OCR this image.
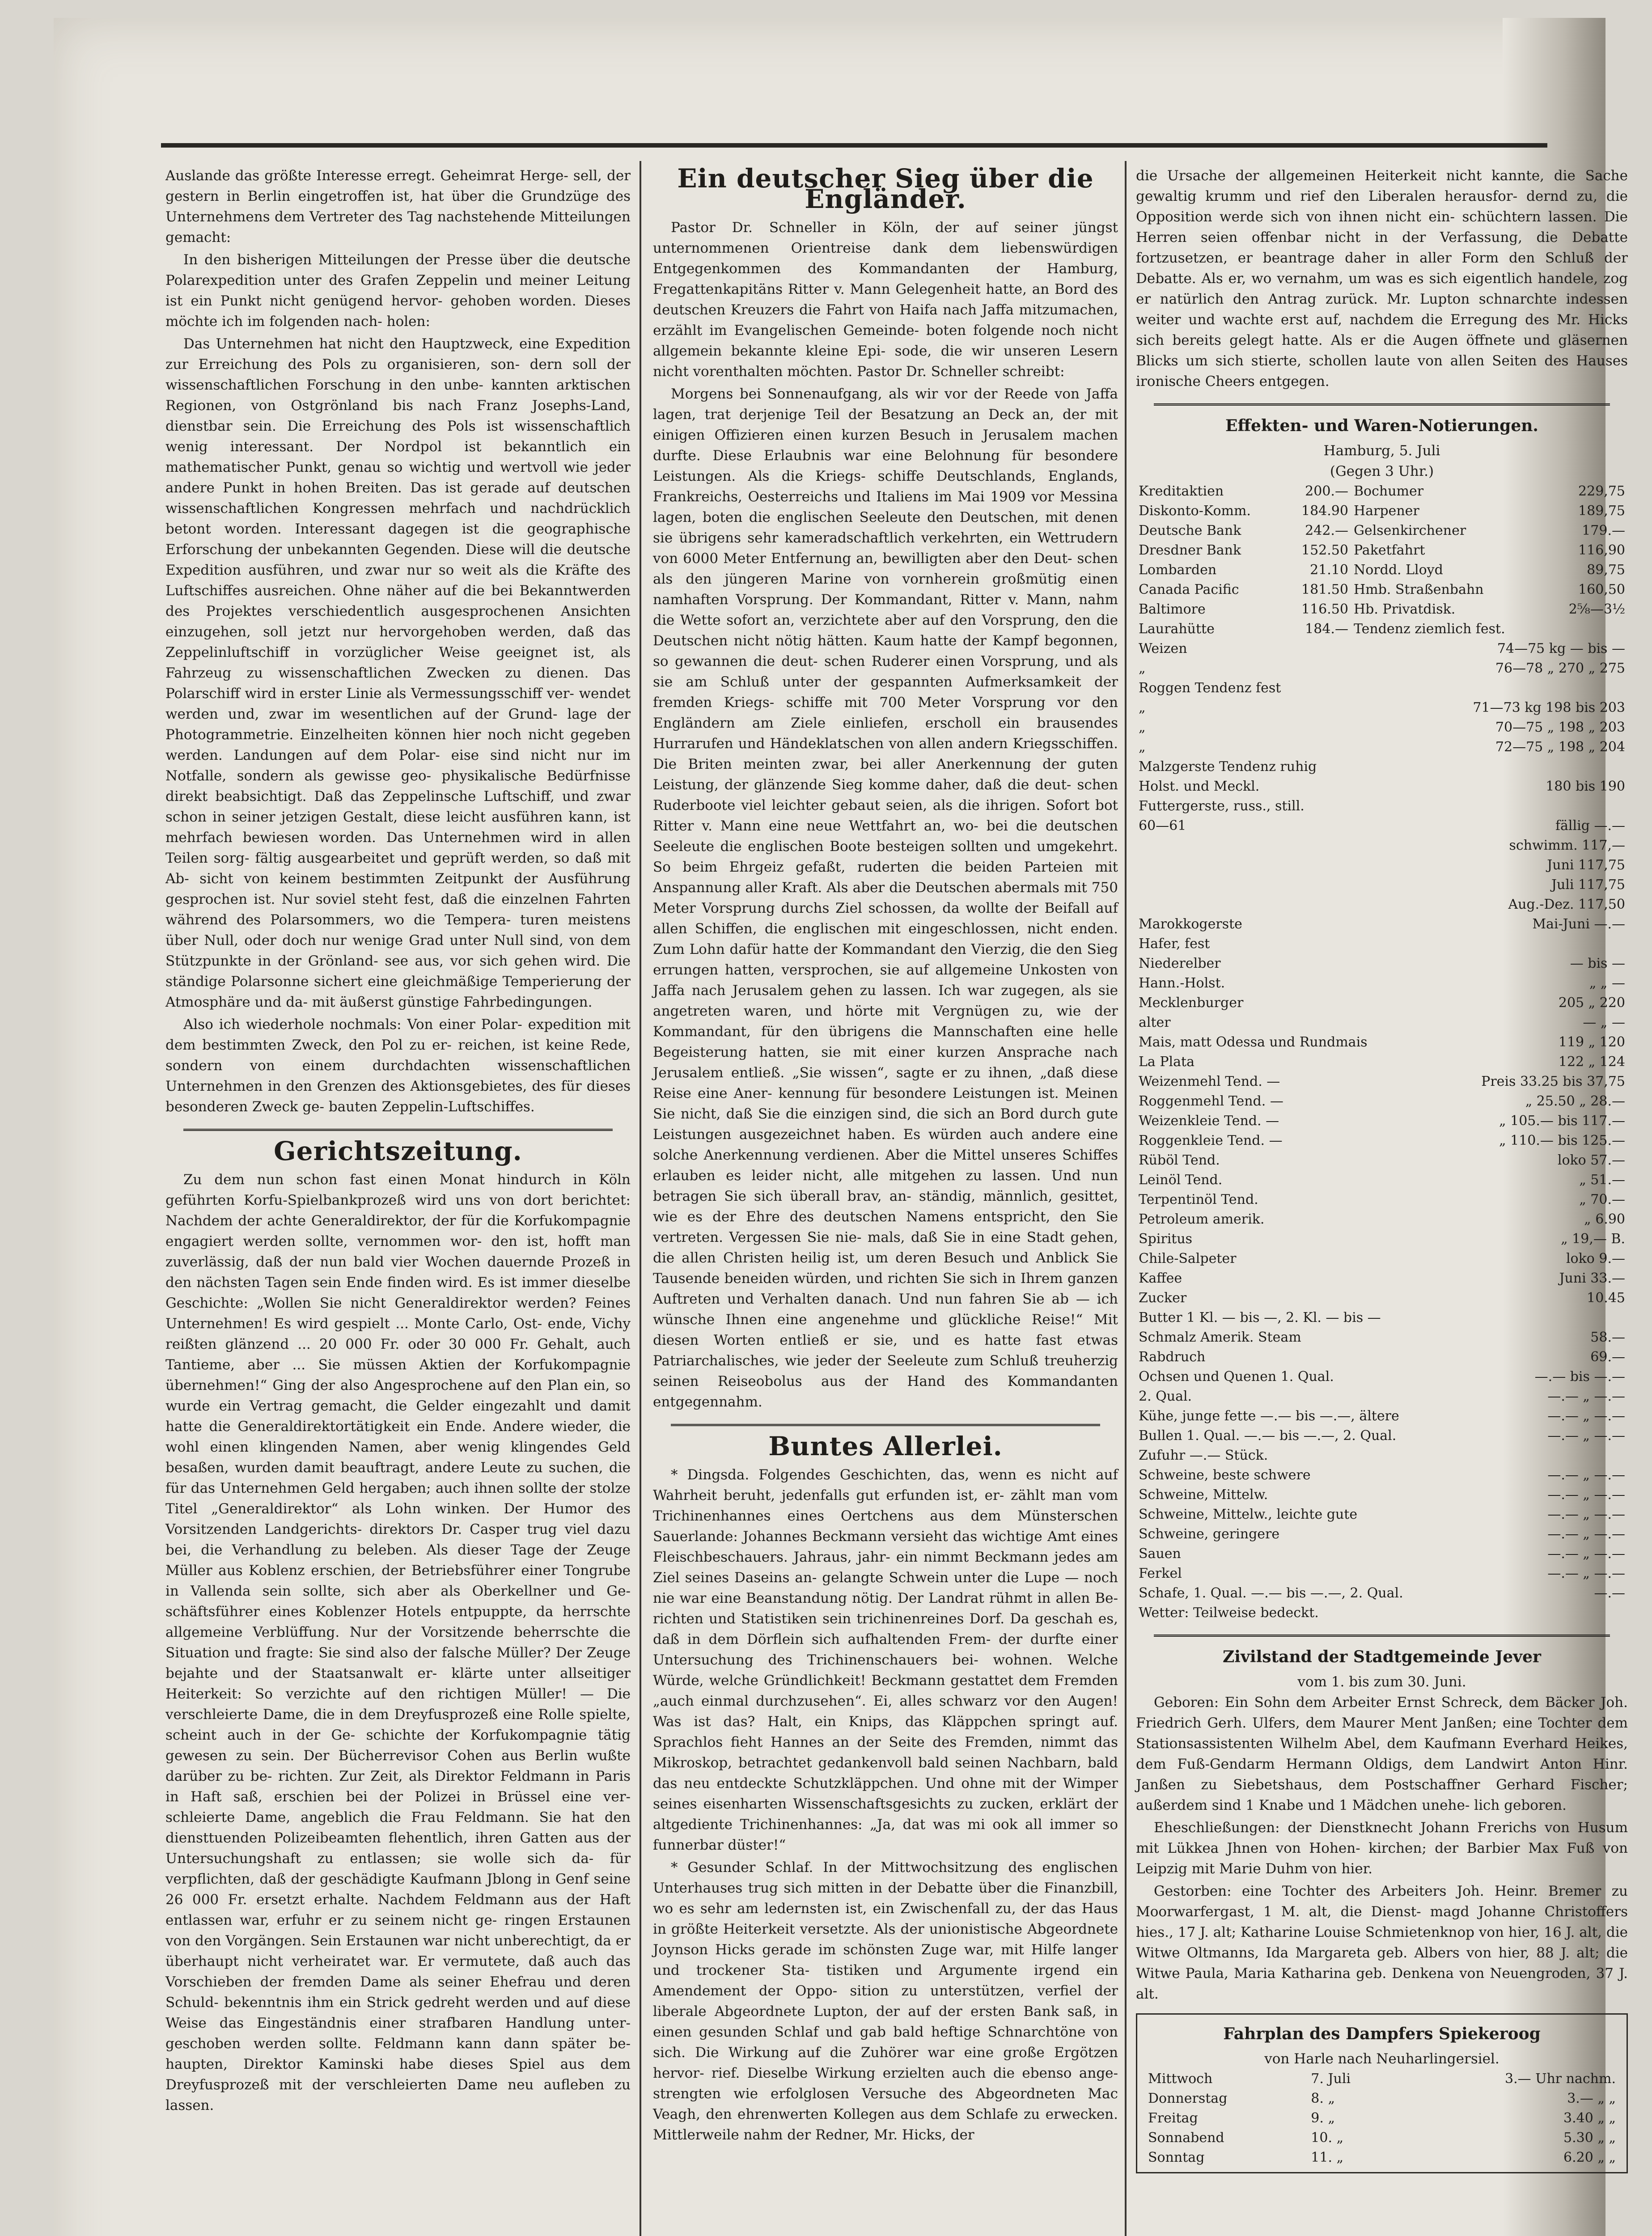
Auslande das größte Interesse erregt. Geheimrat Herge- sell, der gestern in Berlin eingetroffen ist, hat über die Grundzüge des Unternehmens dem Vertreter des Tag nachstehende Mitteilungen gemacht:

In den bisherigen Mitteilungen der Presse über die deutsche Polarexpedition unter des Grafen Zeppelin und meiner Leitung ist ein Punkt nicht genügend hervor- gehoben worden. Dieses möchte ich im folgenden nach- holen:

Das Unternehmen hat nicht den Hauptzweck, eine Expedition zur Erreichung des Pols zu organisieren, son- dern soll der wissenschaftlichen Forschung in den unbe- kannten arktischen Regionen, von Ostgrönland bis nach Franz Josephs-Land, dienstbar sein. Die Erreichung des Pols ist wissenschaftlich wenig interessant. Der Nordpol ist bekanntlich ein mathematischer Punkt, genau so wichtig und wertvoll wie jeder andere Punkt in hohen Breiten. Das ist gerade auf deutschen wissenschaftlichen Kongressen mehrfach und nachdrücklich betont worden. Interessant dagegen ist die geographische Erforschung der unbekannten Gegenden. Diese will die deutsche Expedition ausführen, und zwar nur so weit als die Kräfte des Luftschiffes ausreichen. Ohne näher auf die bei Bekanntwerden des Projektes verschiedentlich ausgesprochenen Ansichten einzugehen, soll jetzt nur hervorgehoben werden, daß das Zeppelinluftschiff in vorzüglicher Weise geeignet ist, als Fahrzeug zu wissenschaftlichen Zwecken zu dienen. Das Polarschiff wird in erster Linie als Vermessungsschiff ver- wendet werden und, zwar im wesentlichen auf der Grund- lage der Photogrammetrie. Einzelheiten können hier noch nicht gegeben werden. Landungen auf dem Polar- eise sind nicht nur im Notfalle, sondern als gewisse geo- physikalische Bedürfnisse direkt beabsichtigt. Daß das Zeppelinsche Luftschiff, und zwar schon in seiner jetzigen Gestalt, diese leicht ausführen kann, ist mehrfach bewiesen worden. Das Unternehmen wird in allen Teilen sorg- fältig ausgearbeitet und geprüft werden, so daß mit Ab- sicht von keinem bestimmten Zeitpunkt der Ausführung gesprochen ist. Nur soviel steht fest, daß die einzelnen Fahrten während des Polarsommers, wo die Tempera- turen meistens über Null, oder doch nur wenige Grad unter Null sind, von dem Stützpunkte in der Grönland- see aus, vor sich gehen wird. Die ständige Polarsonne sichert eine gleichmäßige Temperierung der Atmosphäre und da- mit äußerst günstige Fahrbedingungen.

Also ich wiederhole nochmals: Von einer Polar- expedition mit dem bestimmten Zweck, den Pol zu er- reichen, ist keine Rede, sondern von einem durchdachten wissenschaftlichen Unternehmen in den Grenzen des Aktionsgebietes, des für dieses besonderen Zweck ge- bauten Zeppelin-Luftschiffes.

Gerichtszeitung.

Zu dem nun schon fast einen Monat hindurch in Köln geführten Korfu-Spielbankprozeß wird uns von dort berichtet: Nachdem der achte Generaldirektor, der für die Korfukompagnie engagiert werden sollte, vernommen wor- den ist, hofft man zuverlässig, daß der nun bald vier Wochen dauernde Prozeß in den nächsten Tagen sein Ende finden wird. Es ist immer dieselbe Geschichte: „Wollen Sie nicht Generaldirektor werden? Feines Unternehmen! Es wird gespielt ... Monte Carlo, Ost- ende, Vichy reißten glänzend ... 20 000 Fr. oder 30 000 Fr. Gehalt, auch Tantieme, aber ... Sie müssen Aktien der Korfukompagnie übernehmen!“ Ging der also Angesprochene auf den Plan ein, so wurde ein Vertrag gemacht, die Gelder eingezahlt und damit hatte die Generaldirektortätigkeit ein Ende. Andere wieder, die wohl einen klingenden Namen, aber wenig klingendes Geld besaßen, wurden damit beauftragt, andere Leute zu suchen, die für das Unternehmen Geld hergaben; auch ihnen sollte der stolze Titel „Generaldirektor“ als Lohn winken. Der Humor des Vorsitzenden Landgerichts- direktors Dr. Casper trug viel dazu bei, die Verhandlung zu beleben. Als dieser Tage der Zeuge Müller aus Koblenz erschien, der Betriebsführer einer Tongrube in Vallenda sein sollte, sich aber als Oberkellner und Ge- schäftsführer eines Koblenzer Hotels entpuppte, da herrschte allgemeine Verblüffung. Nur der Vorsitzende beherrschte die Situation und fragte: Sie sind also der falsche Müller? Der Zeuge bejahte und der Staatsanwalt er- klärte unter allseitiger Heiterkeit: So verzichte auf den richtigen Müller! — Die verschleierte Dame, die in dem Dreyfusprozeß eine Rolle spielte, scheint auch in der Ge- schichte der Korfukompagnie tätig gewesen zu sein. Der Bücherrevisor Cohen aus Berlin wußte darüber zu be- richten. Zur Zeit, als Direktor Feldmann in Paris in Haft saß, erschien bei der Polizei in Brüssel eine ver- schleierte Dame, angeblich die Frau Feldmann. Sie hat den diensttuenden Polizeibeamten flehentlich, ihren Gatten aus der Untersuchungshaft zu entlassen; sie wolle sich da- für verpflichten, daß der geschädigte Kaufmann Jblong in Genf seine 26 000 Fr. ersetzt erhalte. Nachdem Feldmann aus der Haft entlassen war, erfuhr er zu seinem nicht ge- ringen Erstaunen von den Vorgängen. Sein Erstaunen war nicht unberechtigt, da er überhaupt nicht verheiratet war. Er vermutete, daß auch das Vorschieben der fremden Dame als seiner Ehefrau und deren Schuld- bekenntnis ihm ein Strick gedreht werden und auf diese Weise das Eingeständnis einer strafbaren Handlung unter- geschoben werden sollte. Feldmann kann dann später be- haupten, Direktor Kaminski habe dieses Spiel aus dem Dreyfusprozeß mit der verschleierten Dame neu aufleben zu lassen.

Ein deutscher Sieg über die Engländer.

Pastor Dr. Schneller in Köln, der auf seiner jüngst unternommenen Orientreise dank dem liebenswürdigen Entgegenkommen des Kommandanten der Hamburg, Fregattenkapitäns Ritter v. Mann Gelegenheit hatte, an Bord des deutschen Kreuzers die Fahrt von Haifa nach Jaffa mitzumachen, erzählt im Evangelischen Gemeinde- boten folgende noch nicht allgemein bekannte kleine Epi- sode, die wir unseren Lesern nicht vorenthalten möchten. Pastor Dr. Schneller schreibt:

Morgens bei Sonnenaufgang, als wir vor der Reede von Jaffa lagen, trat derjenige Teil der Besatzung an Deck an, der mit einigen Offizieren einen kurzen Besuch in Jerusalem machen durfte. Diese Erlaubnis war eine Belohnung für besondere Leistungen. Als die Kriegs- schiffe Deutschlands, Englands, Frankreichs, Oesterreichs und Italiens im Mai 1909 vor Messina lagen, boten die englischen Seeleute den Deutschen, mit denen sie übrigens sehr kameradschaftlich verkehrten, ein Wettrudern von 6000 Meter Entfernung an, bewilligten aber den Deut- schen als den jüngeren Marine von vornherein großmütig einen namhaften Vorsprung. Der Kommandant, Ritter v. Mann, nahm die Wette sofort an, verzichtete aber auf den Vorsprung, den die Deutschen nicht nötig hätten. Kaum hatte der Kampf begonnen, so gewannen die deut- schen Ruderer einen Vorsprung, und als sie am Schluß unter der gespannten Aufmerksamkeit der fremden Kriegs- schiffe mit 700 Meter Vorsprung vor den Engländern am Ziele einliefen, erscholl ein brausendes Hurrarufen und Händeklatschen von allen andern Kriegsschiffen. Die Briten meinten zwar, bei aller Anerkennung der guten Leistung, der glänzende Sieg komme daher, daß die deut- schen Ruderboote viel leichter gebaut seien, als die ihrigen. Sofort bot Ritter v. Mann eine neue Wettfahrt an, wo- bei die deutschen Seeleute die englischen Boote besteigen sollten und umgekehrt. So beim Ehrgeiz gefaßt, ruderten die beiden Parteien mit Anspannung aller Kraft. Als aber die Deutschen abermals mit 750 Meter Vorsprung durchs Ziel schossen, da wollte der Beifall auf allen Schiffen, die englischen mit eingeschlossen, nicht enden. Zum Lohn dafür hatte der Kommandant den Vierzig, die den Sieg errungen hatten, versprochen, sie auf allgemeine Unkosten von Jaffa nach Jerusalem gehen zu lassen. Ich war zugegen, als sie angetreten waren, und hörte mit Vergnügen zu, wie der Kommandant, für den übrigens die Mannschaften eine helle Begeisterung hatten, sie mit einer kurzen Ansprache nach Jerusalem entließ. „Sie wissen“, sagte er zu ihnen, „daß diese Reise eine Aner- kennung für besondere Leistungen ist. Meinen Sie nicht, daß Sie die einzigen sind, die sich an Bord durch gute Leistungen ausgezeichnet haben. Es würden auch andere eine solche Anerkennung verdienen. Aber die Mittel unseres Schiffes erlauben es leider nicht, alle mitgehen zu lassen. Und nun betragen Sie sich überall brav, an- ständig, männlich, gesittet, wie es der Ehre des deutschen Namens entspricht, den Sie vertreten. Vergessen Sie nie- mals, daß Sie in eine Stadt gehen, die allen Christen heilig ist, um deren Besuch und Anblick Sie Tausende beneiden würden, und richten Sie sich in Ihrem ganzen Auftreten und Verhalten danach. Und nun fahren Sie ab — ich wünsche Ihnen eine angenehme und glückliche Reise!“ Mit diesen Worten entließ er sie, und es hatte fast etwas Patriarchalisches, wie jeder der Seeleute zum Schluß treuherzig seinen Reiseobolus aus der Hand des Kommandanten entgegennahm.

Buntes Allerlei.

* Dingsda. Folgendes Geschichten, das, wenn es nicht auf Wahrheit beruht, jedenfalls gut erfunden ist, er- zählt man vom Trichinenhannes eines Oertchens aus dem Münsterschen Sauerlande: Johannes Beckmann versieht das wichtige Amt eines Fleischbeschauers. Jahraus, jahr- ein nimmt Beckmann jedes am Ziel seines Daseins an- gelangte Schwein unter die Lupe — noch nie war eine Beanstandung nötig. Der Landrat rühmt in allen Be- richten und Statistiken sein trichinenreines Dorf. Da geschah es, daß in dem Dörflein sich aufhaltenden Frem- der durfte einer Untersuchung des Trichinenschauers bei- wohnen. Welche Würde, welche Gründlichkeit! Beckmann gestattet dem Fremden „auch einmal durchzusehen“. Ei, alles schwarz vor den Augen! Was ist das? Halt, ein Knips, das Kläppchen springt auf. Sprachlos fieht Hannes an der Seite des Fremden, nimmt das Mikroskop, betrachtet gedankenvoll bald seinen Nachbarn, bald das neu entdeckte Schutzkläppchen. Und ohne mit der Wimper seines eisenharten Wissenschaftsgesichts zu zucken, erklärt der altgediente Trichinenhannes: „Ja, dat was mi ook all immer so funnerbar düster!“

* Gesunder Schlaf. In der Mittwochsitzung des englischen Unterhauses trug sich mitten in der Debatte über die Finanzbill, wo es sehr am ledernsten ist, ein Zwischenfall zu, der das Haus in größte Heiterkeit versetzte. Als der unionistische Abgeordnete Joynson Hicks gerade im schönsten Zuge war, mit Hilfe langer und trockener Sta- tistiken und Argumente irgend ein Amendement der Oppo- sition zu unterstützen, verfiel der liberale Abgeordnete Lupton, der auf der ersten Bank saß, in einen gesunden Schlaf und gab bald heftige Schnarchtöne von sich. Die Wirkung auf die Zuhörer war eine große Ergötzen hervor- rief. Dieselbe Wirkung erzielten auch die ebenso ange- strengten wie erfolglosen Versuche des Abgeordneten Mac Veagh, den ehrenwerten Kollegen aus dem Schlafe zu erwecken. Mittlerweile nahm der Redner, Mr. Hicks, der

die Ursache der allgemeinen Heiterkeit nicht kannte, die Sache gewaltig krumm und rief den Liberalen herausfor- dernd zu, die Opposition werde sich von ihnen nicht ein- schüchtern lassen. Die Herren seien offenbar nicht in der Verfassung, die Debatte fortzusetzen, er beantrage daher in aller Form den Schluß der Debatte. Als er, wo vernahm, um was es sich eigentlich handele, zog er natürlich den Antrag zurück. Mr. Lupton schnarchte indessen weiter und wachte erst auf, nachdem die Erregung des Mr. Hicks sich bereits gelegt hatte. Als er die Augen öffnete und gläsernen Blicks um sich stierte, schollen laute von allen Seiten des Hauses ironische Cheers entgegen.

Effekten- und Waren-Notierungen.
Hamburg, 5. Juli
(Gegen 3 Uhr.)
Kreditaktien	200.—	Bochumer	229,75
Diskonto-Komm.	184.90	Harpener	189,75
Deutsche Bank	242.—	Gelsenkirchener	179.—
Dresdner Bank	152.50	Paketfahrt	116,90
Lombarden	21.10	Nordd. Lloyd	89,75
Canada Pacific	181.50	Hmb. Straßenbahn	160,50
Baltimore	116.50	Hb. Privatdisk.	2⁵⁄₈—3¹⁄₂
Laurahütte	184.—	Tendenz ziemlich fest.	
Weizen	74—75 kg — bis —
„	76—78 „ 270 „ 275
Roggen Tendenz fest	
„	71—73 kg 198 bis 203
„	70—75 „ 198 „ 203
„	72—75 „ 198 „ 204
Malzgerste Tendenz ruhig	
Holst. und Meckl.	180 bis 190
Futtergerste, russ., still.	
60—61	fällig —.—
	schwimm. 117,—
	Juni 117,75
	Juli 117,75
	Aug.-Dez. 117,50
Marokkogerste	Mai-Juni —.—
Hafer, fest	
Niederelber	— bis —
Hann.-Holst.	„ „ —
Mecklenburger	205 „ 220
alter	— „ —
Mais, matt Odessa und Rundmais	119 „ 120
La Plata	122 „ 124
Weizenmehl Tend. —	Preis 33.25 bis 37,75
Roggenmehl Tend. —	„ 25.50 „ 28.—
Weizenkleie Tend. —	„ 105.— bis 117.—
Roggenkleie Tend. —	„ 110.— bis 125.—
Rüböl Tend.	loko 57.—
Leinöl Tend.	„ 51.—
Terpentinöl Tend.	„ 70.—
Petroleum amerik.	„ 6.90
Spiritus	„ 19,— B.
Chile-Salpeter	loko 9.—
Kaffee	Juni 33.—
Zucker	10.45
Butter 1 Kl. — bis —, 2. Kl. — bis —	
Schmalz Amerik. Steam	58.—
Rabdruch	69.—
Ochsen und Quenen 1. Qual.	—.— bis —.—
2. Qual.	—.— „ —.—
Kühe, junge fette —.— bis —.—, ältere	—.— „ —.—
Bullen 1. Qual. —.— bis —.—, 2. Qual.	—.— „ —.—
Zufuhr —.— Stück.	
Schweine, beste schwere	—.— „ —.—
Schweine, Mittelw.	—.— „ —.—
Schweine, Mittelw., leichte gute	—.— „ —.—
Schweine, geringere	—.— „ —.—
Sauen	—.— „ —.—
Ferkel	—.— „ —.—
Schafe, 1. Qual. —.— bis —.—, 2. Qual.	—.—
Wetter: Teilweise bedeckt.	
Zivilstand der Stadtgemeinde Jever
vom 1. bis zum 30. Juni.

Geboren: Ein Sohn dem Arbeiter Ernst Schreck, dem Bäcker Joh. Friedrich Gerh. Ulfers, dem Maurer Ment Janßen; eine Tochter dem Stationsassistenten Wilhelm Abel, dem Kaufmann Everhard Heikes, dem Fuß-Gendarm Hermann Oldigs, dem Landwirt Anton Hinr. Janßen zu Siebetshaus, dem Postschaffner Gerhard Fischer; außerdem sind 1 Knabe und 1 Mädchen unehe- lich geboren.

Eheschließungen: der Dienstknecht Johann Frerichs von Husum mit Lükkea Jhnen von Hohen- kirchen; der Barbier Max Fuß von Leipzig mit Marie Duhm von hier.

Gestorben: eine Tochter des Arbeiters Joh. Heinr. Bremer zu Moorwarfergast, 1 M. alt, die Dienst- magd Johanne Christoffers hies., 17 J. alt; Katharine Louise Schmietenknop von hier, 16 J. alt, die Witwe Oltmanns, Ida Margareta geb. Albers von hier, 88 J. alt; die Witwe Paula, Maria Katharina geb. Denkena von Neuengroden, 37 J. alt.

Fahrplan des Dampfers Spiekeroog
von Harle nach Neuharlingersiel.
Mittwoch	7. Juli	3.— Uhr nachm.
Donnerstag	8. „	3.— „ „
Freitag	9. „	3.40 „ „
Sonnabend	10. „	5.30 „ „
Sonntag	11. „	6.20 „ „
